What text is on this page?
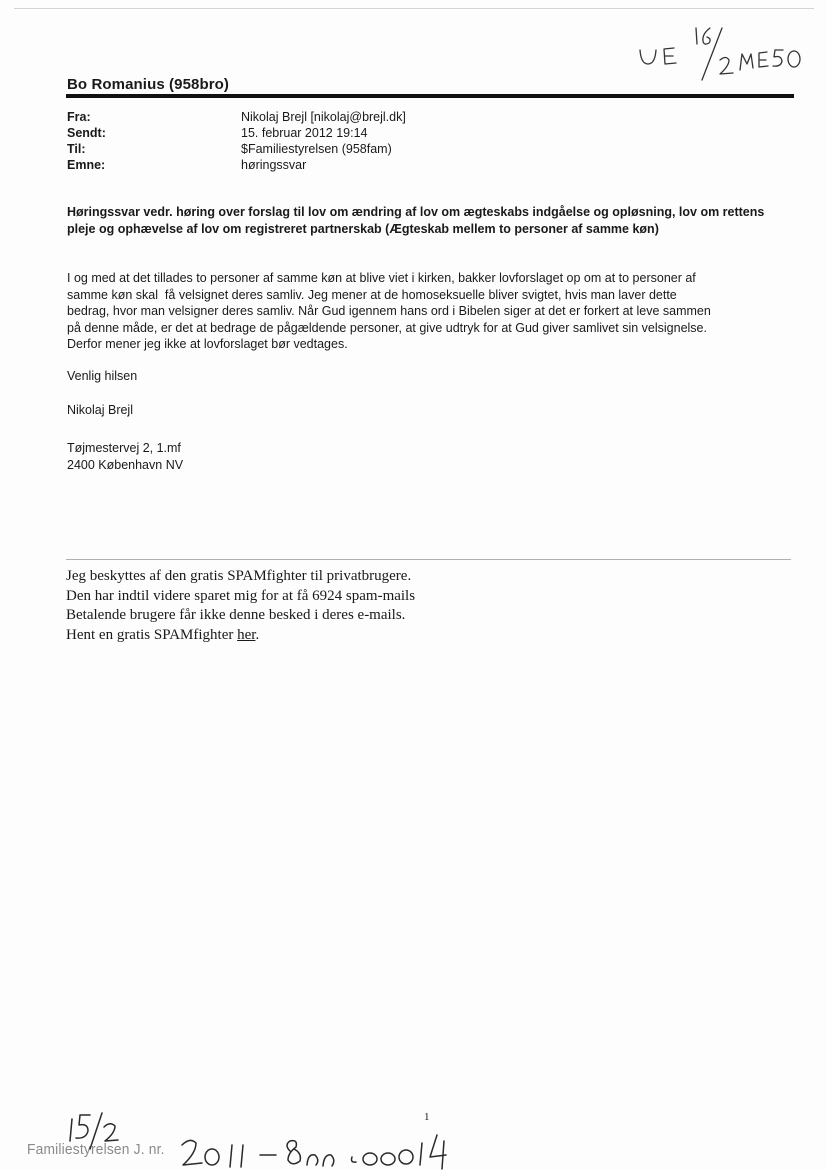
Bo Romanius (958bro)
Fra:	Nikolaj Brejl [nikolaj@brejl.dk]
Sendt:	15. februar 2012 19:14
Til:	$Familiestyrelsen (958fam)
Emne:	høringssvar
Høringssvar vedr. høring over forslag til lov om ændring af lov om ægteskabs indgåelse og opløsning, lov om rettens pleje og ophævelse af lov om registreret partnerskab (Ægteskab mellem to personer af samme køn)
I og med at det tillades to personer af samme køn at blive viet i kirken, bakker lovforslaget op om at to personer af
samme køn skal  få velsignet deres samliv. Jeg mener at de homoseksuelle bliver svigtet, hvis man laver dette
bedrag, hvor man velsigner deres samliv. Når Gud igennem hans ord i Bibelen siger at det er forkert at leve sammen
på denne måde, er det at bedrage de pågældende personer, at give udtryk for at Gud giver samlivet sin velsignelse.
Derfor mener jeg ikke at lovforslaget bør vedtages.
Venlig hilsen
Nikolaj Brejl
Tøjmestervej 2, 1.mf
2400 København NV
Jeg beskyttes af den gratis SPAMfighter til privatbrugere.
Den har indtil videre sparet mig for at få 6924 spam-mails
Betalende brugere får ikke denne besked i deres e-mails.
Hent en gratis SPAMfighter her.
1
Familiestyrelsen J. nr.
